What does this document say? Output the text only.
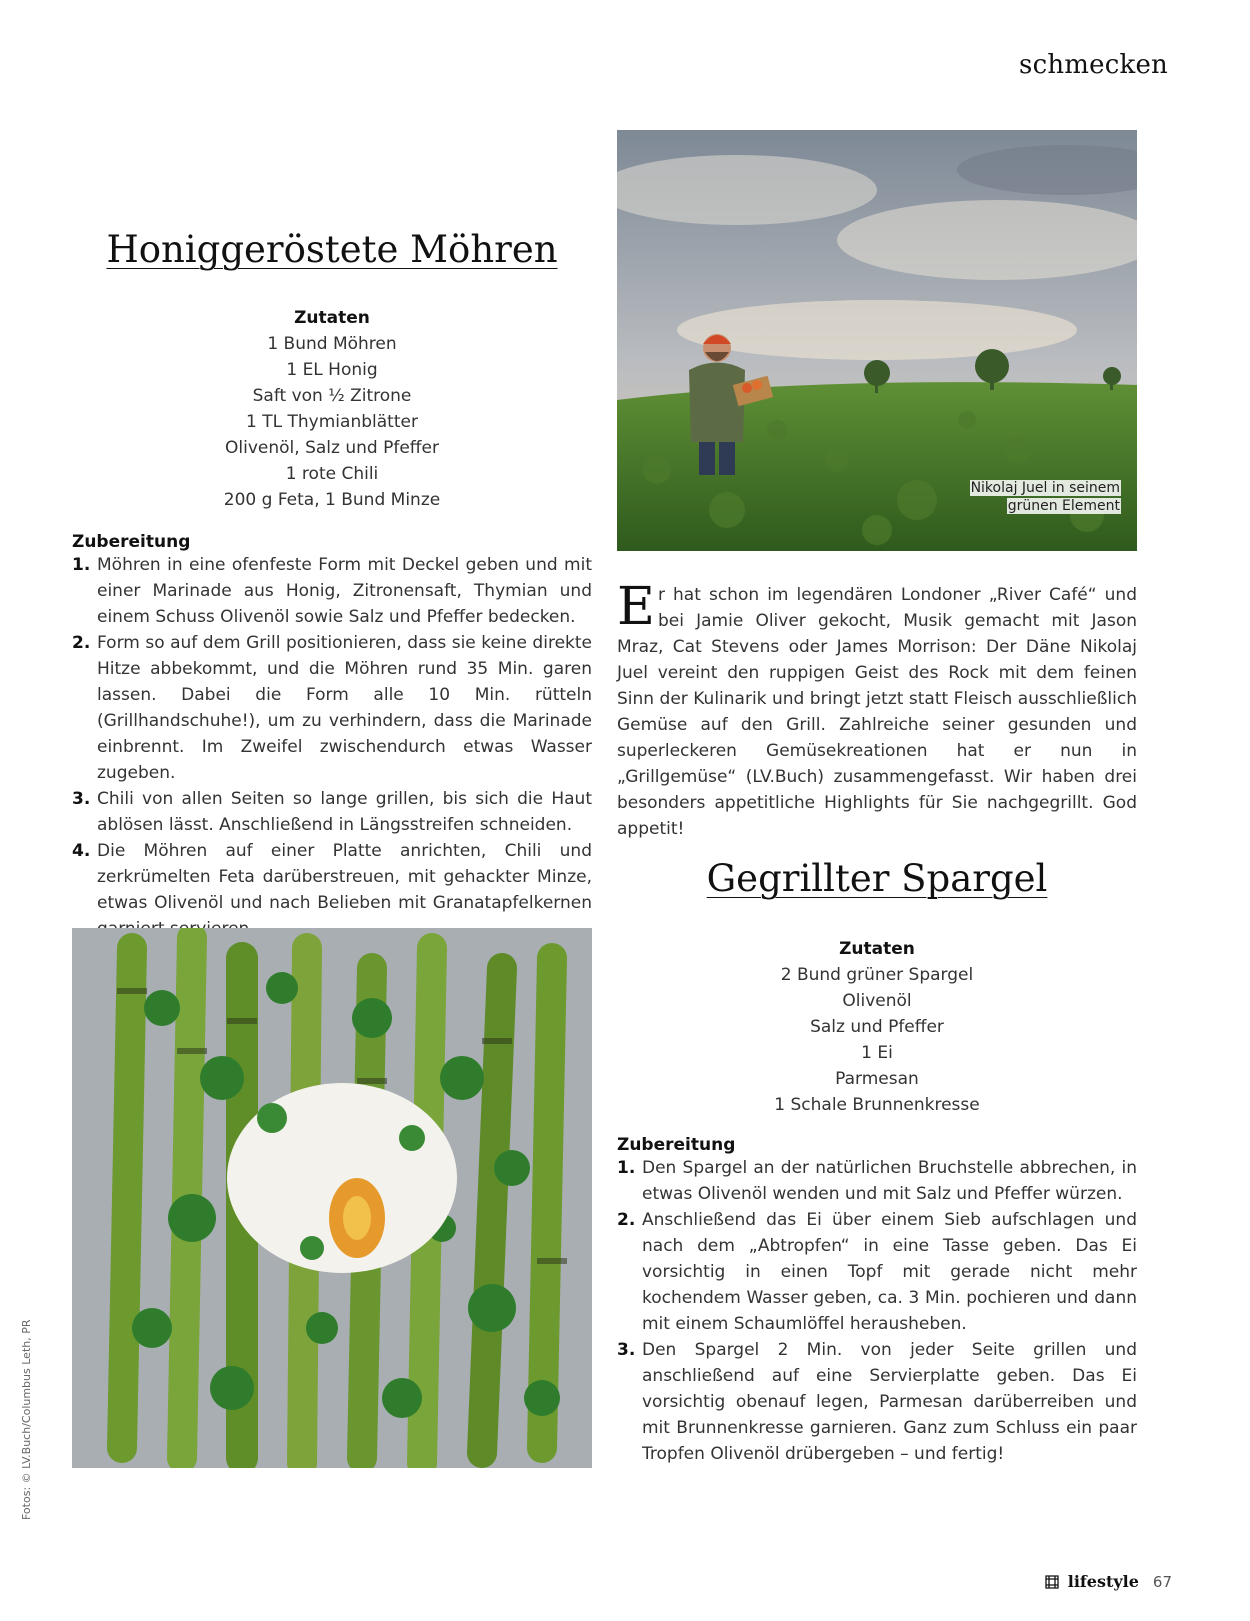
schmecken
Honiggeröstete Möhren
Zutaten
1 Bund Möhren
1 EL Honig
Saft von ½ Zitrone
1 TL Thymianblätter
Olivenöl, Salz und Pfeffer
1 rote Chili
200 g Feta, 1 Bund Minze
Zubereitung
1. Möhren in eine ofenfeste Form mit Deckel geben und mit einer Marinade aus Honig, Zitronensaft, Thymian und einem Schuss Olivenöl sowie Salz und Pfeffer bedecken.
2. Form so auf dem Grill positionieren, dass sie keine direkte Hitze abbekommt, und die Möhren rund 35 Min. garen lassen. Dabei die Form alle 10 Min. rütteln (Grillhandschuhe!), um zu verhindern, dass die Marinade einbrennt. Im Zweifel zwischendurch etwas Wasser zugeben.
3. Chili von allen Seiten so lange grillen, bis sich die Haut ablösen lässt. Anschließend in Längsstreifen schneiden.
4. Die Möhren auf einer Platte anrichten, Chili und zerkrümelten Feta darüberstreuen, mit gehackter Minze, etwas Olivenöl und nach Belieben mit Granatapfelkernen
Nikolaj Juel in seinem
grünen Element
Er hat schon im legendären Londoner „River Café“ und bei Jamie Oliver gekocht, Musik gemacht mit Jason Mraz, Cat Stevens oder James Morrison: Der Däne Nikolaj Juel vereint den ruppigen Geist des Rock mit dem feinen Sinn der Kulinarik und bringt jetzt statt Fleisch ausschließlich Gemüse auf den Grill. Zahlreiche seiner gesunden und superleckeren Gemüsekreationen hat er nun in „Grillgemüse“ (LV.Buch) zusammengefasst. Wir haben drei besonders appetitliche Highlights für Sie nachgegrillt. God appetit!
Gegrillter Spargel
Zutaten
2 Bund grüner Spargel
Olivenöl
Salz und Pfeffer
1 Ei
Parmesan
1 Schale Brunnenkresse
Zubereitung
1. Den Spargel an der natürlichen Bruchstelle abbrechen, in etwas Olivenöl wenden und mit Salz und Pfeffer würzen.
2. Anschließend das Ei über einem Sieb aufschlagen und nach dem „Abtropfen“ in eine Tasse geben. Das Ei vorsichtig in einen Topf mit gerade nicht mehr kochendem Wasser geben, ca. 3 Min. pochieren und dann mit einem Schaumlöffel herausheben.
3. Den Spargel 2 Min. von jeder Seite grillen und anschließend auf eine Servierplatte geben. Das Ei vorsichtig obenauf legen, Parmesan darüberreiben und mit Brunnenkresse garnieren. Ganz zum Schluss ein paar Tropfen Olivenöl drübergeben – und fertig!
Fotos: © LV.Buch/Columbus Leth, PR
lifestyle 67
